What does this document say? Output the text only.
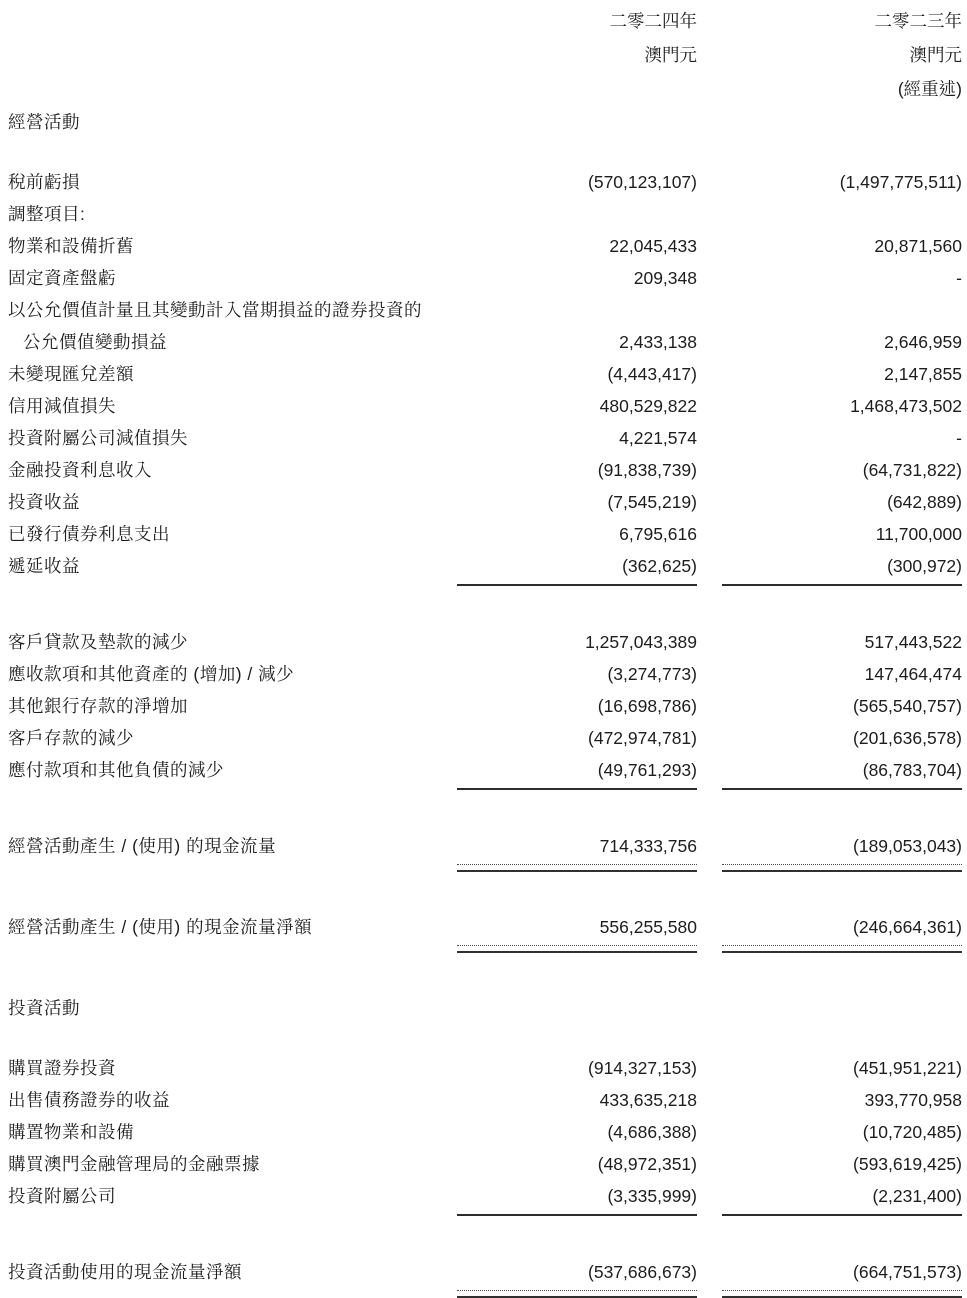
二零二四年	二零二三年
澳門元	澳門元
(經重述)
經營活動
稅前虧損	(570,123,107)	(1,497,775,511)
調整項目:
物業和設備折舊	22,045,433	20,871,560
固定資產盤虧	209,348	-
以公允價值計量且其變動計入當期損益的證券投資的
公允價值變動損益	2,433,138	2,646,959
未變現匯兌差額	(4,443,417)	2,147,855
信用減值損失	480,529,822	1,468,473,502
投資附屬公司減值損失	4,221,574	-
金融投資利息收入	(91,838,739)	(64,731,822)
投資收益	(7,545,219)	(642,889)
已發行債券利息支出	6,795,616	11,700,000
遞延收益	(362,625)	(300,972)
客戶貸款及墊款的減少	1,257,043,389	517,443,522
應收款項和其他資產的 (增加) / 減少	(3,274,773)	147,464,474
其他銀行存款的淨增加	(16,698,786)	(565,540,757)
客戶存款的減少	(472,974,781)	(201,636,578)
應付款項和其他負債的減少	(49,761,293)	(86,783,704)
經營活動產生 / (使用) 的現金流量	714,333,756	(189,053,043)
經營活動產生 / (使用) 的現金流量淨額	556,255,580	(246,664,361)
投資活動
購買證券投資	(914,327,153)	(451,951,221)
出售債務證券的收益	433,635,218	393,770,958
購置物業和設備	(4,686,388)	(10,720,485)
購買澳門金融管理局的金融票據	(48,972,351)	(593,619,425)
投資附屬公司	(3,335,999)	(2,231,400)
投資活動使用的現金流量淨額	(537,686,673)	(664,751,573)
